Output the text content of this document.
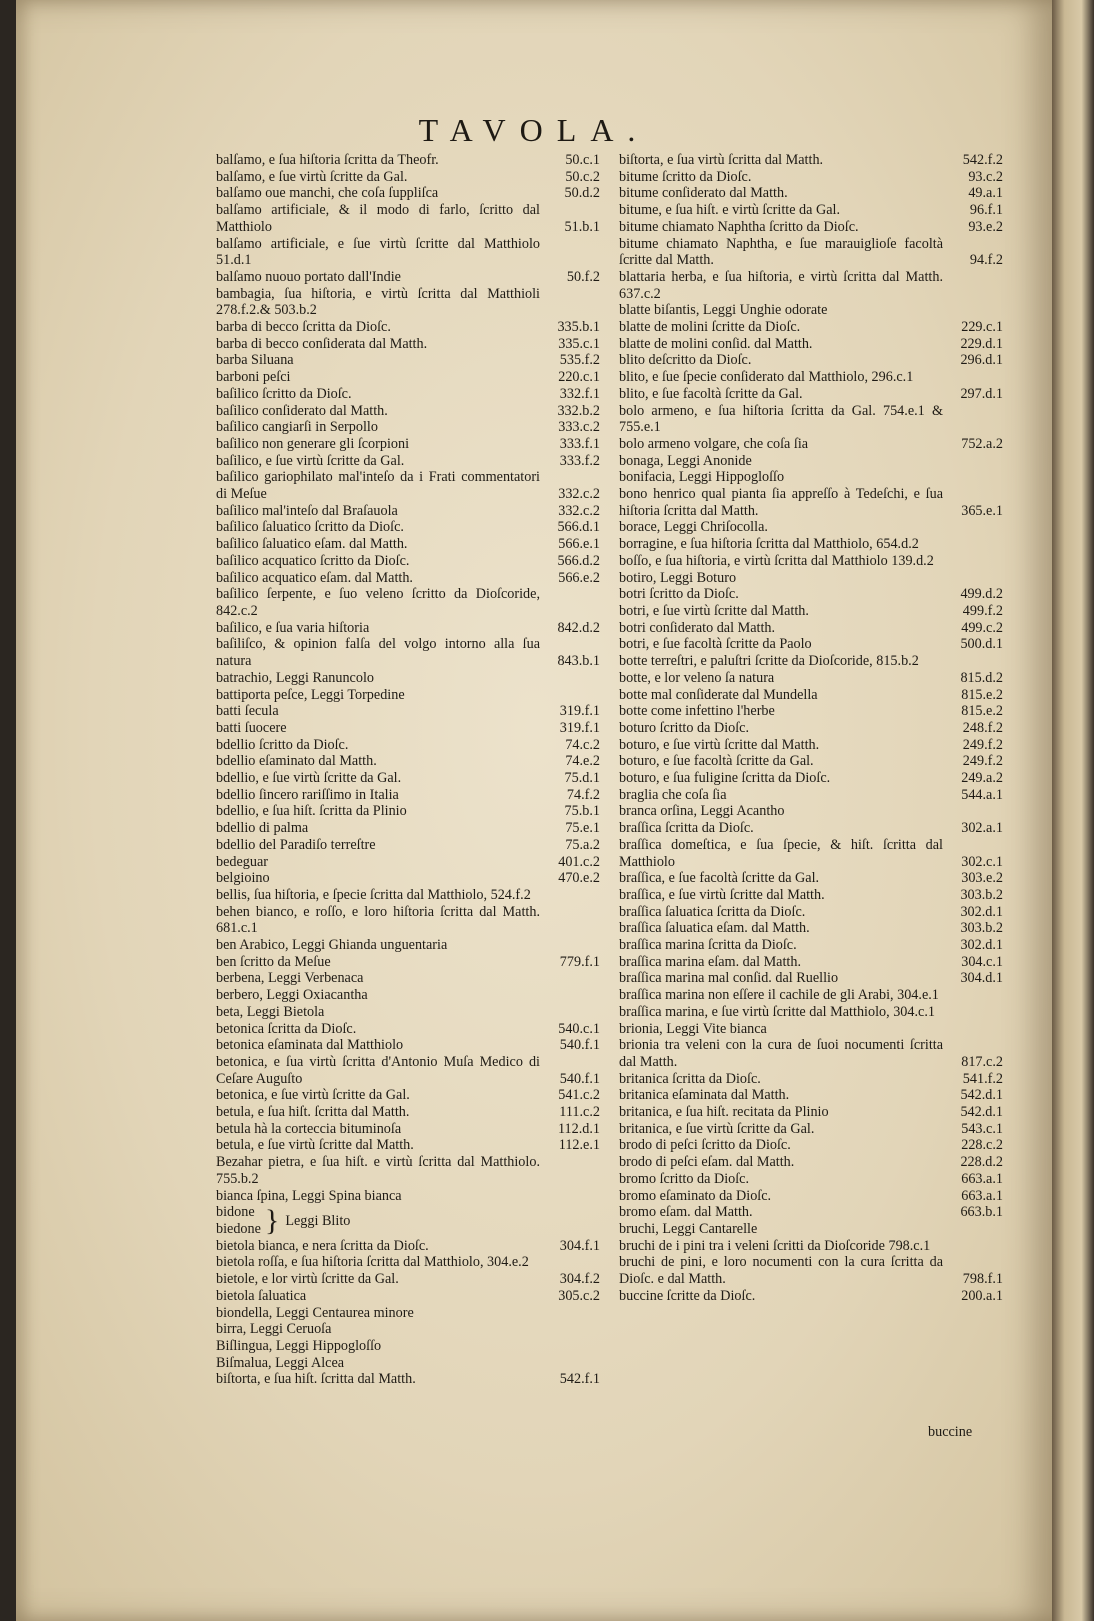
TAVOLA.
balſamo, e ſua hiſtoria ſcritta da Theofr.	50.c.1
balſamo, e ſue virtù ſcritte da Gal.	50.c.2
balſamo oue manchi, che coſa ſuppliſca	50.d.2
balſamo artificiale, & il modo di farlo, ſcritto dal Matthiolo	51.b.1
balſamo artificiale, e ſue virtù ſcritte dal Matthiolo 51.d.1
balſamo nuouo portato dall'Indie	50.f.2
bambagia, ſua hiſtoria, e virtù ſcritta dal Matthioli 278.f.2.& 503.b.2
barba di becco ſcritta da Dioſc.	335.b.1
barba di becco conſiderata dal Matth.	335.c.1
barba Siluana	535.f.2
barboni peſci	220.c.1
baſilico ſcritto da Dioſc.	332.f.1
baſilico conſiderato dal Matth.	332.b.2
baſilico cangiarſi in Serpollo	333.c.2
baſilico non generare gli ſcorpioni	333.f.1
baſilico, e ſue virtù ſcritte da Gal.	333.f.2
baſilico gariophilato mal'inteſo da i Frati commentatori di Meſue	332.c.2
baſilico mal'inteſo dal Braſauola	332.c.2
baſilico ſaluatico ſcritto da Dioſc.	566.d.1
baſilico ſaluatico eſam. dal Matth.	566.e.1
baſilico acquatico ſcritto da Dioſc.	566.d.2
baſilico acquatico eſam. dal Matth.	566.e.2
baſilico ſerpente, e ſuo veleno ſcritto da Dioſcoride, 842.c.2
baſilico, e ſua varia hiſtoria	842.d.2
baſiliſco, & opinion falſa del volgo intorno alla ſua natura	843.b.1
batrachio, Leggi Ranuncolo
battiporta peſce, Leggi Torpedine
batti ſecula	319.f.1
batti ſuocere	319.f.1
bdellio ſcritto da Dioſc.	74.c.2
bdellio eſaminato dal Matth.	74.e.2
bdellio, e ſue virtù ſcritte da Gal.	75.d.1
bdellio ſincero rariſſimo in Italia	74.f.2
bdellio, e ſua hiſt. ſcritta da Plinio	75.b.1
bdellio di palma	75.e.1
bdellio del Paradiſo terreſtre	75.a.2
bedeguar	401.c.2
belgioino	470.e.2
bellis, ſua hiſtoria, e ſpecie ſcritta dal Matthiolo, 524.f.2
behen bianco, e roſſo, e loro hiſtoria ſcritta dal Matth. 681.c.1
ben Arabico, Leggi Ghianda unguentaria
ben ſcritto da Meſue	779.f.1
berbena, Leggi Verbenaca
berbero, Leggi Oxiacantha
beta, Leggi Bietola
betonica ſcritta da Dioſc.	540.c.1
betonica eſaminata dal Matthiolo	540.f.1
betonica, e ſua virtù ſcritta d'Antonio Muſa Medico di Ceſare Auguſto	540.f.1
betonica, e ſue virtù ſcritte da Gal.	541.c.2
betula, e ſua hiſt. ſcritta dal Matth.	111.c.2
betula hà la corteccia bituminoſa	112.d.1
betula, e ſue virtù ſcritte dal Matth.	112.e.1
Bezahar pietra, e ſua hiſt. e virtù ſcritta dal Matthiolo. 755.b.2
bianca ſpina, Leggi Spina bianca
bidone
biedone } Leggi Blito
bietola bianca, e nera ſcritta da Dioſc.	304.f.1
bietola roſſa, e ſua hiſtoria ſcritta dal Matthiolo, 304.e.2
bietole, e lor virtù ſcritte da Gal.	304.f.2
bietola ſaluatica	305.c.2
biondella, Leggi Centaurea minore
birra, Leggi Ceruoſa
Biſlingua, Leggi Hippogloſſo
Biſmalua, Leggi Alcea
biſtorta, e ſua hiſt. ſcritta dal Matth.	542.f.1
biſtorta, e ſua virtù ſcritta dal Matth.	542.f.2
bitume ſcritto da Dioſc.	93.c.2
bitume conſiderato dal Matth.	49.a.1
bitume, e ſua hiſt. e virtù ſcritte da Gal.	96.f.1
bitume chiamato Naphtha ſcritto da Dioſc.	93.e.2
bitume chiamato Naphtha, e ſue marauiglioſe facoltà ſcritte dal Matth.	94.f.2
blattaria herba, e ſua hiſtoria, e virtù ſcritta dal Matth. 637.c.2
blatte biſantis, Leggi Unghie odorate
blatte de molini ſcritte da Dioſc.	229.c.1
blatte de molini conſid. dal Matth.	229.d.1
blito deſcritto da Dioſc.	296.d.1
blito, e ſue ſpecie conſiderato dal Matthiolo, 296.c.1
blito, e ſue facoltà ſcritte da Gal.	297.d.1
bolo armeno, e ſua hiſtoria ſcritta da Gal. 754.e.1 & 755.e.1
bolo armeno volgare, che coſa ſia	752.a.2
bonaga, Leggi Anonide
bonifacia, Leggi Hippogloſſo
bono henrico qual pianta ſia appreſſo à Tedeſchi, e ſua hiſtoria ſcritta dal Matth.	365.e.1
borace, Leggi Chriſocolla.
borragine, e ſua hiſtoria ſcritta dal Matthiolo, 654.d.2
boſſo, e ſua hiſtoria, e virtù ſcritta dal Matthiolo 139.d.2
botiro, Leggi Boturo
botri ſcritto da Dioſc.	499.d.2
botri, e ſue virtù ſcritte dal Matth.	499.f.2
botri conſiderato dal Matth.	499.c.2
botri, e ſue facoltà ſcritte da Paolo	500.d.1
botte terreſtri, e paluſtri ſcritte da Dioſcoride, 815.b.2
botte, e lor veleno ſa natura	815.d.2
botte mal conſiderate dal Mundella	815.e.2
botte come infettino l'herbe	815.e.2
boturo ſcritto da Dioſc.	248.f.2
boturo, e ſue virtù ſcritte dal Matth.	249.f.2
boturo, e ſue facoltà ſcritte da Gal.	249.f.2
boturo, e ſua fuligine ſcritta da Dioſc.	249.a.2
braglia che coſa ſia	544.a.1
branca orſina, Leggi Acantho
braſſica ſcritta da Dioſc.	302.a.1
braſſica domeſtica, e ſua ſpecie, & hiſt. ſcritta dal Matthiolo	302.c.1
braſſica, e ſue facoltà ſcritte da Gal.	303.e.2
braſſica, e ſue virtù ſcritte dal Matth.	303.b.2
braſſica ſaluatica ſcritta da Dioſc.	302.d.1
braſſica ſaluatica eſam. dal Matth.	303.b.2
braſſica marina ſcritta da Dioſc.	302.d.1
braſſica marina eſam. dal Matth.	304.c.1
braſſica marina mal conſid. dal Ruellio	304.d.1
braſſica marina non eſſere il cachile de gli Arabi, 304.e.1
braſſica marina, e ſue virtù ſcritte dal Matthiolo, 304.c.1
brionia, Leggi Vite bianca
brionia tra veleni con la cura de ſuoi nocumenti ſcritta dal Matth.	817.c.2
britanica ſcritta da Dioſc.	541.f.2
britanica eſaminata dal Matth.	542.d.1
britanica, e ſua hiſt. recitata da Plinio	542.d.1
britanica, e ſue virtù ſcritte da Gal.	543.c.1
brodo di peſci ſcritto da Dioſc.	228.c.2
brodo di peſci eſam. dal Matth.	228.d.2
bromo ſcritto da Dioſc.	663.a.1
bromo eſaminato da Dioſc.	663.a.1
bromo eſam. dal Matth.	663.b.1
bruchi, Leggi Cantarelle
bruchi de i pini tra i veleni ſcritti da Dioſcoride 798.c.1
bruchi de pini, e loro nocumenti con la cura ſcritta da Dioſc. e dal Matth.	798.f.1
buccine ſcritte da Dioſc.	200.a.1
buccine
